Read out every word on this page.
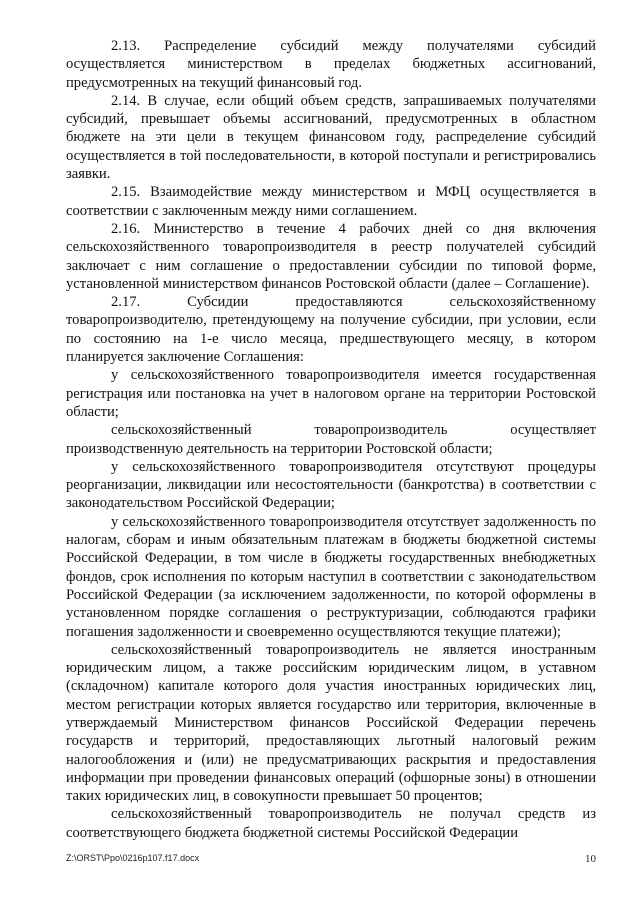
2.13. Распределение субсидий между получателями субсидий осуществляется министерством в пределах бюджетных ассигнований, предусмотренных на текущий финансовый год.

2.14. В случае, если общий объем средств, запрашиваемых получателями субсидий, превышает объемы ассигнований, предусмотренных в областном бюджете на эти цели в текущем финансовом году, распределение субсидий осуществляется в той последовательности, в которой поступали и регистрировались заявки.

2.15. Взаимодействие между министерством и МФЦ осуществляется в соответствии с заключенным между ними соглашением.

2.16. Министерство в течение 4 рабочих дней со дня включения сельскохозяйственного товаропроизводителя в реестр получателей субсидий заключает с ним соглашение о предоставлении субсидии по типовой форме, установленной министерством финансов Ростовской области (далее – Соглашение).

2.17. Субсидии предоставляются сельскохозяйственному товаропроизводителю, претендующему на получение субсидии, при условии, если по состоянию на 1-е число месяца, предшествующего месяцу, в котором планируется заключение Соглашения:

у сельскохозяйственного товаропроизводителя имеется государственная регистрация или постановка на учет в налоговом органе на территории Ростовской области;

сельскохозяйственный товаропроизводитель осуществляет производственную деятельность на территории Ростовской области;

у сельскохозяйственного товаропроизводителя отсутствуют процедуры реорганизации, ликвидации или несостоятельности (банкротства) в соответствии с законодательством Российской Федерации;

у сельскохозяйственного товаропроизводителя отсутствует задолженность по налогам, сборам и иным обязательным платежам в бюджеты бюджетной системы Российской Федерации, в том числе в бюджеты государственных внебюджетных фондов, срок исполнения по которым наступил в соответствии с законодательством Российской Федерации (за исключением задолженности, по которой оформлены в установленном порядке соглашения о реструктуризации, соблюдаются графики погашения задолженности и своевременно осуществляются текущие платежи);

сельскохозяйственный товаропроизводитель не является иностранным юридическим лицом, а также российским юридическим лицом, в уставном (складочном) капитале которого доля участия иностранных юридических лиц, местом регистрации которых является государство или территория, включенные в утверждаемый Министерством финансов Российской Федерации перечень государств и территорий, предоставляющих льготный налоговый режим налогообложения и (или) не предусматривающих раскрытия и предоставления информации при проведении финансовых операций (офшорные зоны) в отношении таких юридических лиц, в совокупности превышает 50 процентов;

сельскохозяйственный товаропроизводитель не получал средств из соответствующего бюджета бюджетной системы Российской Федерации

Z:\ORST\Ppo\0216p107.f17.docx	10
